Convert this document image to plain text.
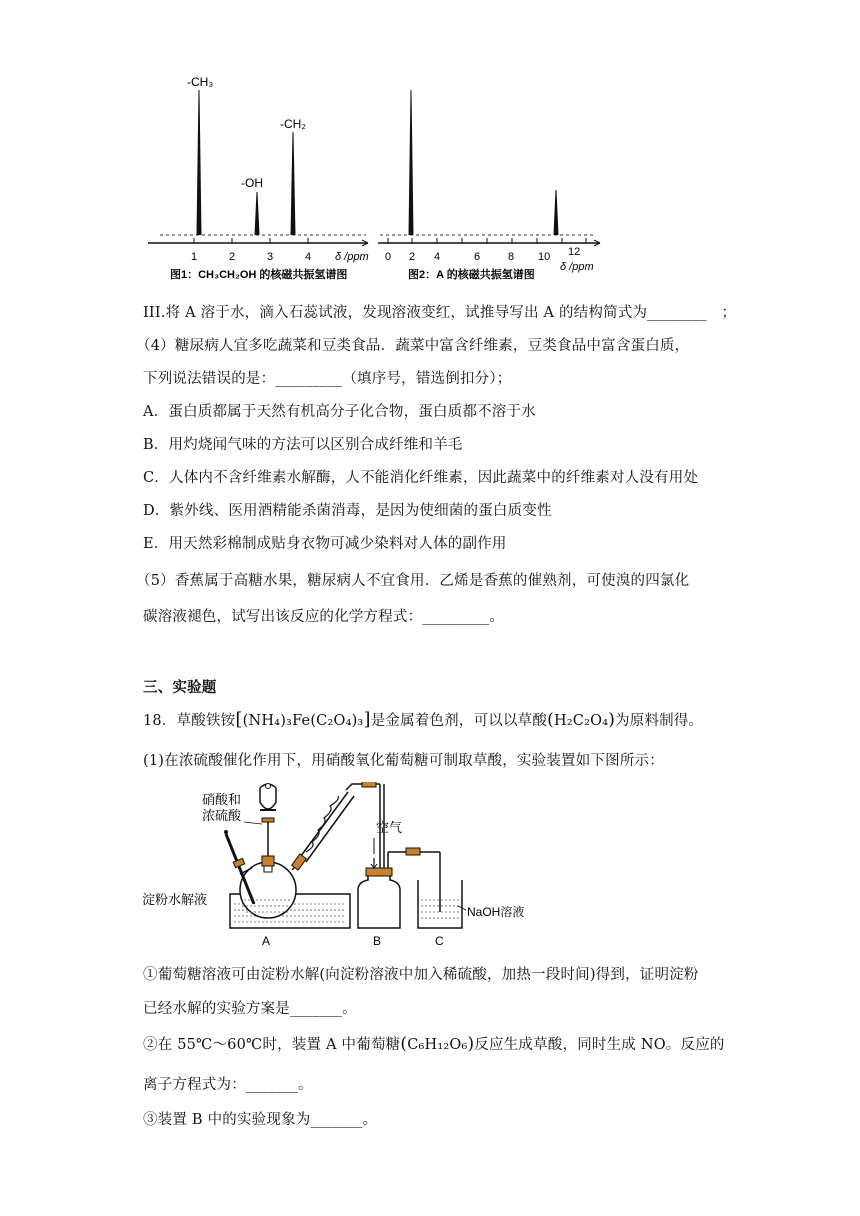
-CH₃
-OH
-CH₂
1	2	3	4 δ /ppm
图1：CH₃CH₂OH 的核磁共振氢谱图
0 2 4	6	8 10 12
δ /ppm
图2：A 的核磁共振氢谱图
III.将 A 溶于水，滴入石蕊试液，发现溶液变红，试推导写出 A 的结构简式为________　；
（4）糖尿病人宜多吃蔬菜和豆类食品．蔬菜中富含纤维素，豆类食品中富含蛋白质，
下列说法错误的是：_________（填序号，错选倒扣分）；
A．蛋白质都属于天然有机高分子化合物，蛋白质都不溶于水
B．用灼烧闻气味的方法可以区别合成纤维和羊毛
C．人体内不含纤维素水解酶，人不能消化纤维素，因此蔬菜中的纤维素对人没有用处
D．紫外线、医用酒精能杀菌消毒，是因为使细菌的蛋白质变性
E．用天然彩棉制成贴身衣物可减少染料对人体的副作用
（5）香蕉属于高糖水果，糖尿病人不宜食用．乙烯是香蕉的催熟剂，可使溴的四氯化
碳溶液褪色，试写出该反应的化学方程式：_________。
三、实验题
18．草酸铁铵[(NH₄)₃Fe(C₂O₄)₃]是金属着色剂，可以以草酸(H₂C₂O₄)为原料制得。
(1)在浓硫酸催化作用下，用硝酸氧化葡萄糖可制取草酸，实验装置如下图所示：
硝酸和
浓硫酸
空气
淀粉水解液
NaOH溶液
A	B	C
①葡萄糖溶液可由淀粉水解(向淀粉溶液中加入稀硫酸，加热一段时间)得到，证明淀粉
已经水解的实验方案是_______。
②在 55℃～60℃时，装置 A 中葡萄糖(C₆H₁₂O₆)反应生成草酸，同时生成 NO。反应的
离子方程式为：_______。
③装置 B 中的实验现象为_______。
